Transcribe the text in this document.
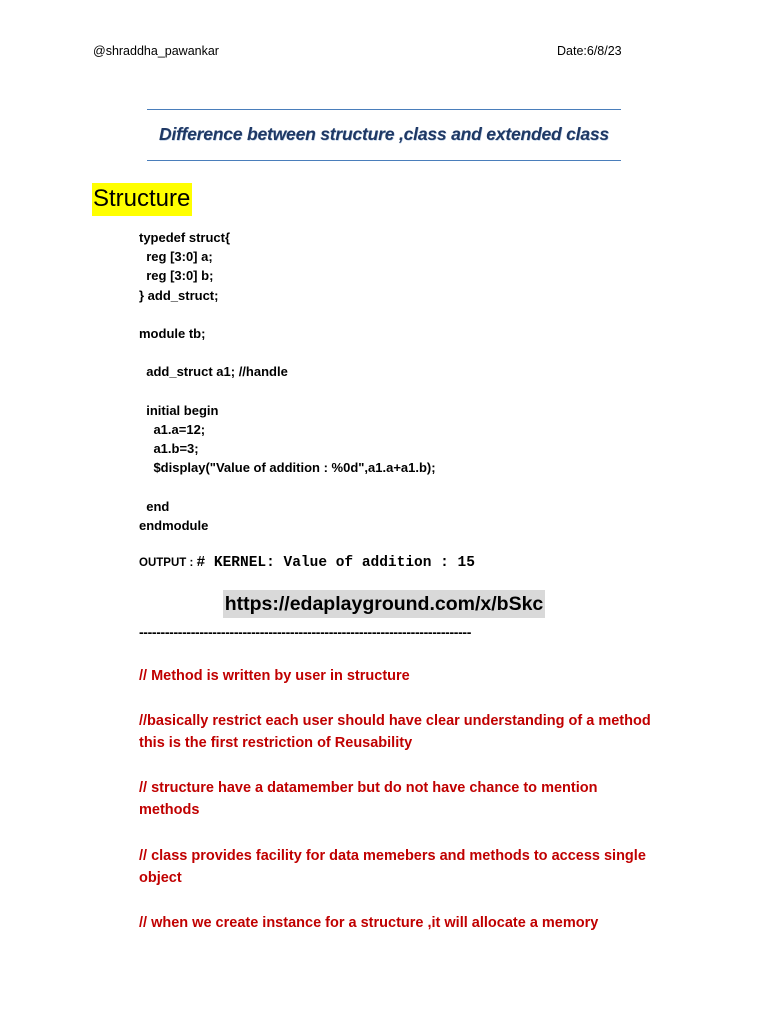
@shraddha_pawankar	Date:6/8/23
Difference between structure ,class and extended class
Structure
typedef struct{
reg [3:0] a;
reg [3:0] b;
} add_struct;
module tb;
add_struct a1; //handle
initial begin
a1.a=12;
a1.b=3;
$display("Value of addition : %0d",a1.a+a1.b);
end
endmodule
OUTPUT : # KERNEL: Value of addition : 15
https://edaplayground.com/x/bSkc
-----------------------------------------------------------------------------
// Method is written by user in structure
//basically restrict each user should have clear understanding of a method this is the first restriction of Reusability
// structure have a datamember but do not have chance to mention methods
// class provides facility for data memebers and methods to access single object
// when we create instance for a structure ,it will allocate a memory
